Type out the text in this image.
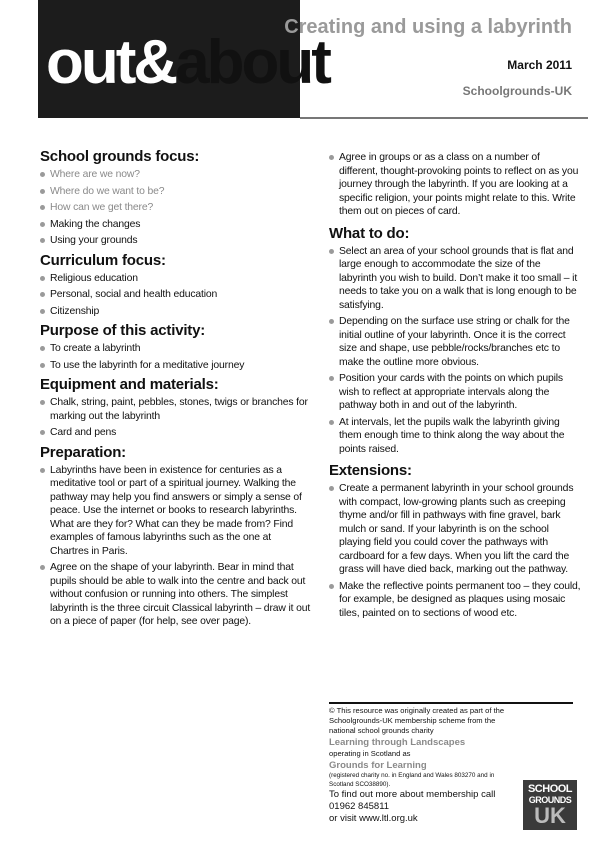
out&about
Creating and using a labyrinth
March 2011
Schoolgrounds-UK
School grounds focus:
Where are we now?
Where do we want to be?
How can we get there?
Making the changes
Using your grounds
Curriculum focus:
Religious education
Personal, social and health education
Citizenship
Purpose of this activity:
To create a labyrinth
To use the labyrinth for a meditative journey
Equipment and materials:
Chalk, string, paint, pebbles, stones, twigs or branches for marking out the labyrinth
Card and pens
Preparation:
Labyrinths have been in existence for centuries as a meditative tool or part of a spiritual journey. Walking the pathway may help you find answers or simply a sense of peace. Use the internet or books to research labyrinths. What are they for? What can they be made from? Find examples of famous labyrinths such as the one at Chartres in Paris.
Agree on the shape of your labyrinth. Bear in mind that pupils should be able to walk into the centre and back out without confusion or running into others. The simplest labyrinth is the three circuit Classical labyrinth – draw it out on a piece of paper (for help, see over page).
Agree in groups or as a class on a number of different, thought-provoking points to reflect on as you journey through the labyrinth. If you are looking at a specific religion, your points might relate to this. Write them out on pieces of card.
What to do:
Select an area of your school grounds that is flat and large enough to accommodate the size of the labyrinth you wish to build. Don’t make it too small – it needs to take you on a walk that is long enough to be satisfying.
Depending on the surface use string or chalk for the initial outline of your labyrinth. Once it is the correct size and shape, use pebble/rocks/branches etc to make the outline more obvious.
Position your cards with the points on which pupils wish to reflect at appropriate intervals along the pathway both in and out of the labyrinth.
At intervals, let the pupils walk the labyrinth giving them enough time to think along the way about the points raised.
Extensions:
Create a permanent labyrinth in your school grounds with compact, low-growing plants such as creeping thyme and/or fill in pathways with fine gravel, bark mulch or sand. If your labyrinth is on the school playing field you could cover the pathways with cardboard for a few days. When you lift the card the grass will have died back, marking out the pathway.
Make the reflective points permanent too – they could, for example, be designed as plaques using mosaic tiles, painted on to sections of wood etc.
© This resource was originally created as part of the Schoolgrounds-UK membership scheme from the national school grounds charity
Learning through Landscapes
operating in Scotland as
Grounds for Learning
(registered charity no. in England and Wales 803270 and in Scotland SCO38890).
To find out more about membership call 01962 845811
or visit www.ltl.org.uk
SCHOOL
GROUNDS
UK
